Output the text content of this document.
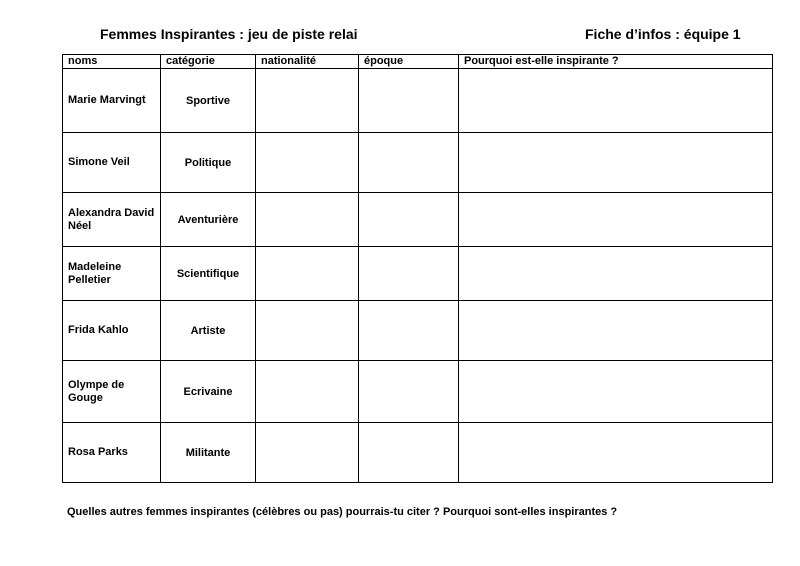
Femmes Inspirantes : jeu de piste relai	Fiche d’infos : équipe 1
noms	catégorie	nationalité	époque	Pourquoi est-elle inspirante ?
Marie Marvingt	Sportive			
Simone Veil	Politique			
Alexandra David Néel	Aventurière			
Madeleine Pelletier	Scientifique			
Frida Kahlo	Artiste			
Olympe de Gouge	Ecrivaine			
Rosa Parks	Militante			
Quelles autres femmes inspirantes (célèbres ou pas) pourrais-tu citer ? Pourquoi sont-elles inspirantes ?
